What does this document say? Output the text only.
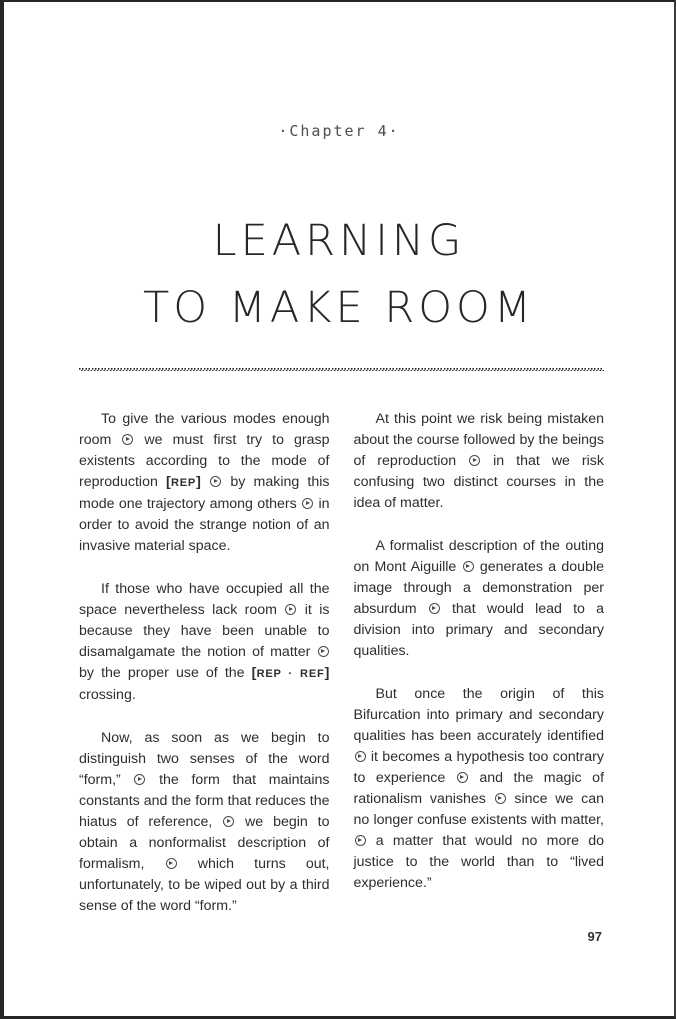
·Chapter 4·
LEARNING
TO MAKE ROOM

To give the various modes enough room  we must first try to grasp existents according to the mode of reproduction [REP]  by making this mode one trajectory among others  in order to avoid the strange notion of an invasive material space.

If those who have occupied all the space nevertheless lack room  it is because they have been unable to disamalgamate the notion of matter  by the proper use of the [REP · REF] crossing.

Now, as soon as we begin to distinguish two senses of the word “form,”  the form that maintains constants and the form that reduces the hiatus of reference,  we begin to obtain a nonformalist description of formalism,  which turns out, unfortunately, to be wiped out by a third sense of the word “form.”

At this point we risk being mistaken about the course followed by the beings of reproduction  in that we risk confusing two distinct courses in the idea of matter.

A formalist description of the outing on Mont Aiguille  generates a double image through a demonstration per absurdum  that would lead to a division into primary and secondary qualities.

But once the origin of this Bifurcation into primary and secondary qualities has been accurately identified  it becomes a hypothesis too contrary to experience  and the magic of rationalism vanishes  since we can no longer confuse existents with matter,  a matter that would no more do justice to the world than to “lived experience.”

97
